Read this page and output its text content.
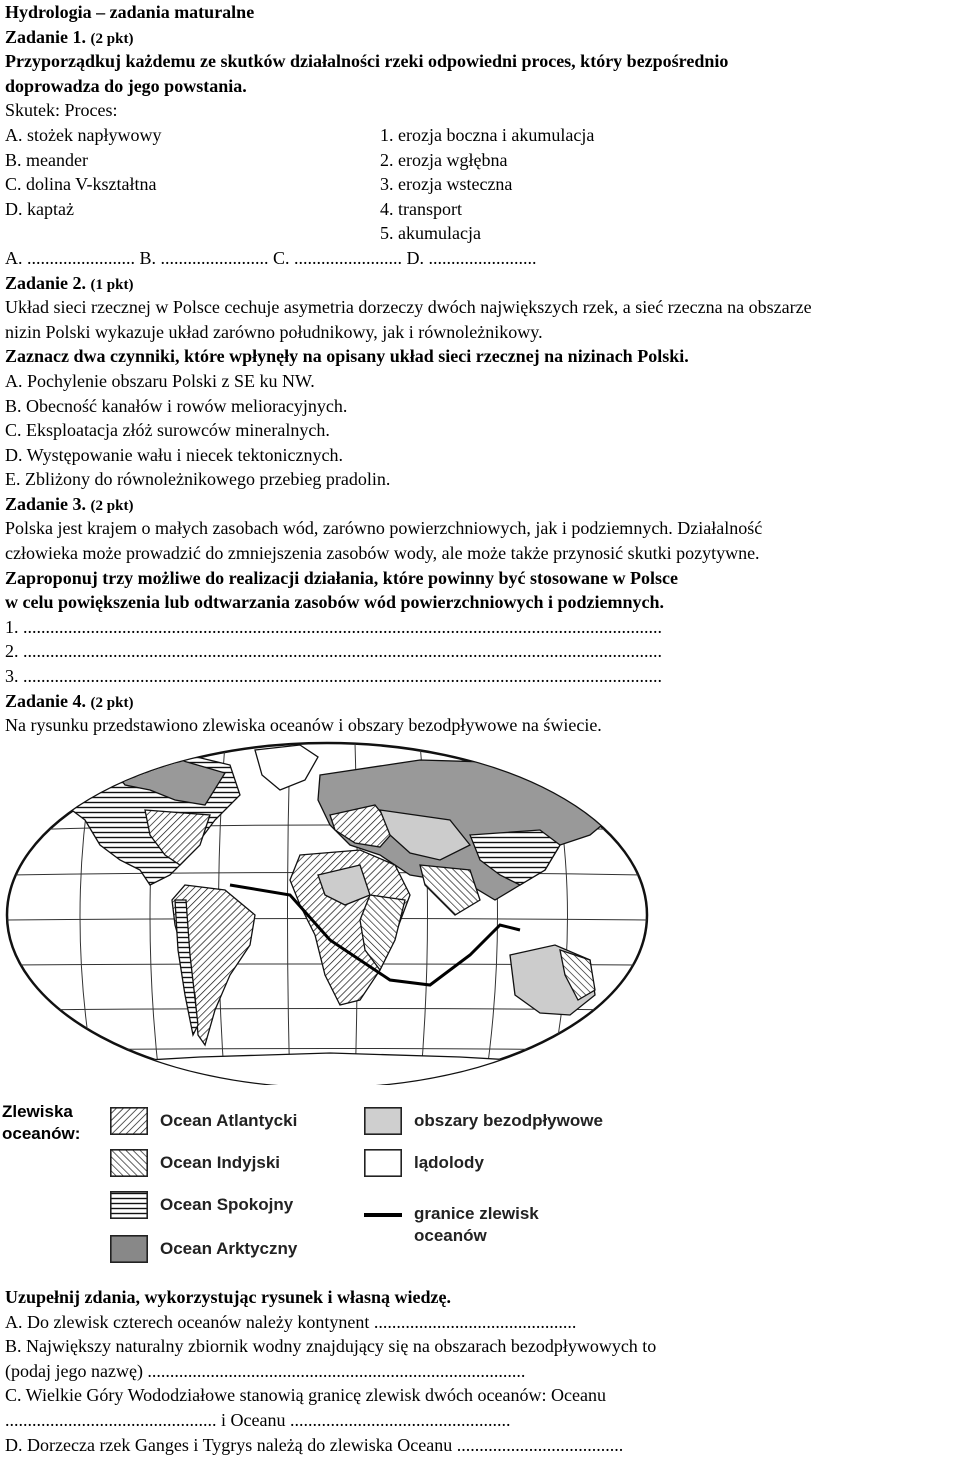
Hydrologia – zadania maturalne
Zadanie 1. (2 pkt)
Przyporządkuj każdemu ze skutków działalności rzeki odpowiedni proces, który bezpośrednio
doprowadza do jego powstania.
Skutek: Proces:
A. stożek napływowy	1. erozja boczna i akumulacja
B. meander	2. erozja wgłębna
C. dolina V-kształtna	3. erozja wsteczna
D. kaptaż	4. transport
5. akumulacja
A. ........................ B. ........................ C. ........................ D. ........................
Zadanie 2. (1 pkt)
Układ sieci rzecznej w Polsce cechuje asymetria dorzeczy dwóch największych rzek, a sieć rzeczna na obszarze
nizin Polski wykazuje układ zarówno południkowy, jak i równoleżnikowy.
Zaznacz dwa czynniki, które wpłynęły na opisany układ sieci rzecznej na nizinach Polski.
A. Pochylenie obszaru Polski z SE ku NW.
B. Obecność kanałów i rowów melioracyjnych.
C. Eksploatacja złóż surowców mineralnych.
D. Występowanie wału i niecek tektonicznych.
E. Zbliżony do równoleżnikowego przebieg pradolin.
Zadanie 3. (2 pkt)
Polska jest krajem o małych zasobach wód, zarówno powierzchniowych, jak i podziemnych. Działalność
człowieka może prowadzić do zmniejszenia zasobów wody, ale może także przynosić skutki pozytywne.
Zaproponuj trzy możliwe do realizacji działania, które powinny być stosowane w Polsce
w celu powiększenia lub odtwarzania zasobów wód powierzchniowych i podziemnych.
1. ..............................................................................................................................................
2. ..............................................................................................................................................
3. ..............................................................................................................................................
Zadanie 4. (2 pkt)
Na rysunku przedstawiono zlewiska oceanów i obszary bezodpływowe na świecie.
Zlewiska
oceanów:
Ocean Atlantycki
Ocean Indyjski
Ocean Spokojny
Ocean Arktyczny
obszary bezodpływowe
lądolody
granice zlewisk
oceanów
Uzupełnij zdania, wykorzystując rysunek i własną wiedzę.
A. Do zlewisk czterech oceanów należy kontynent .............................................
B. Największy naturalny zbiornik wodny znajdujący się na obszarach bezodpływowych to
(podaj jego nazwę) ....................................................................................
C. Wielkie Góry Wododziałowe stanowią granicę zlewisk dwóch oceanów: Oceanu
............................................... i Oceanu .................................................
D. Dorzecza rzek Ganges i Tygrys należą do zlewiska Oceanu .....................................
